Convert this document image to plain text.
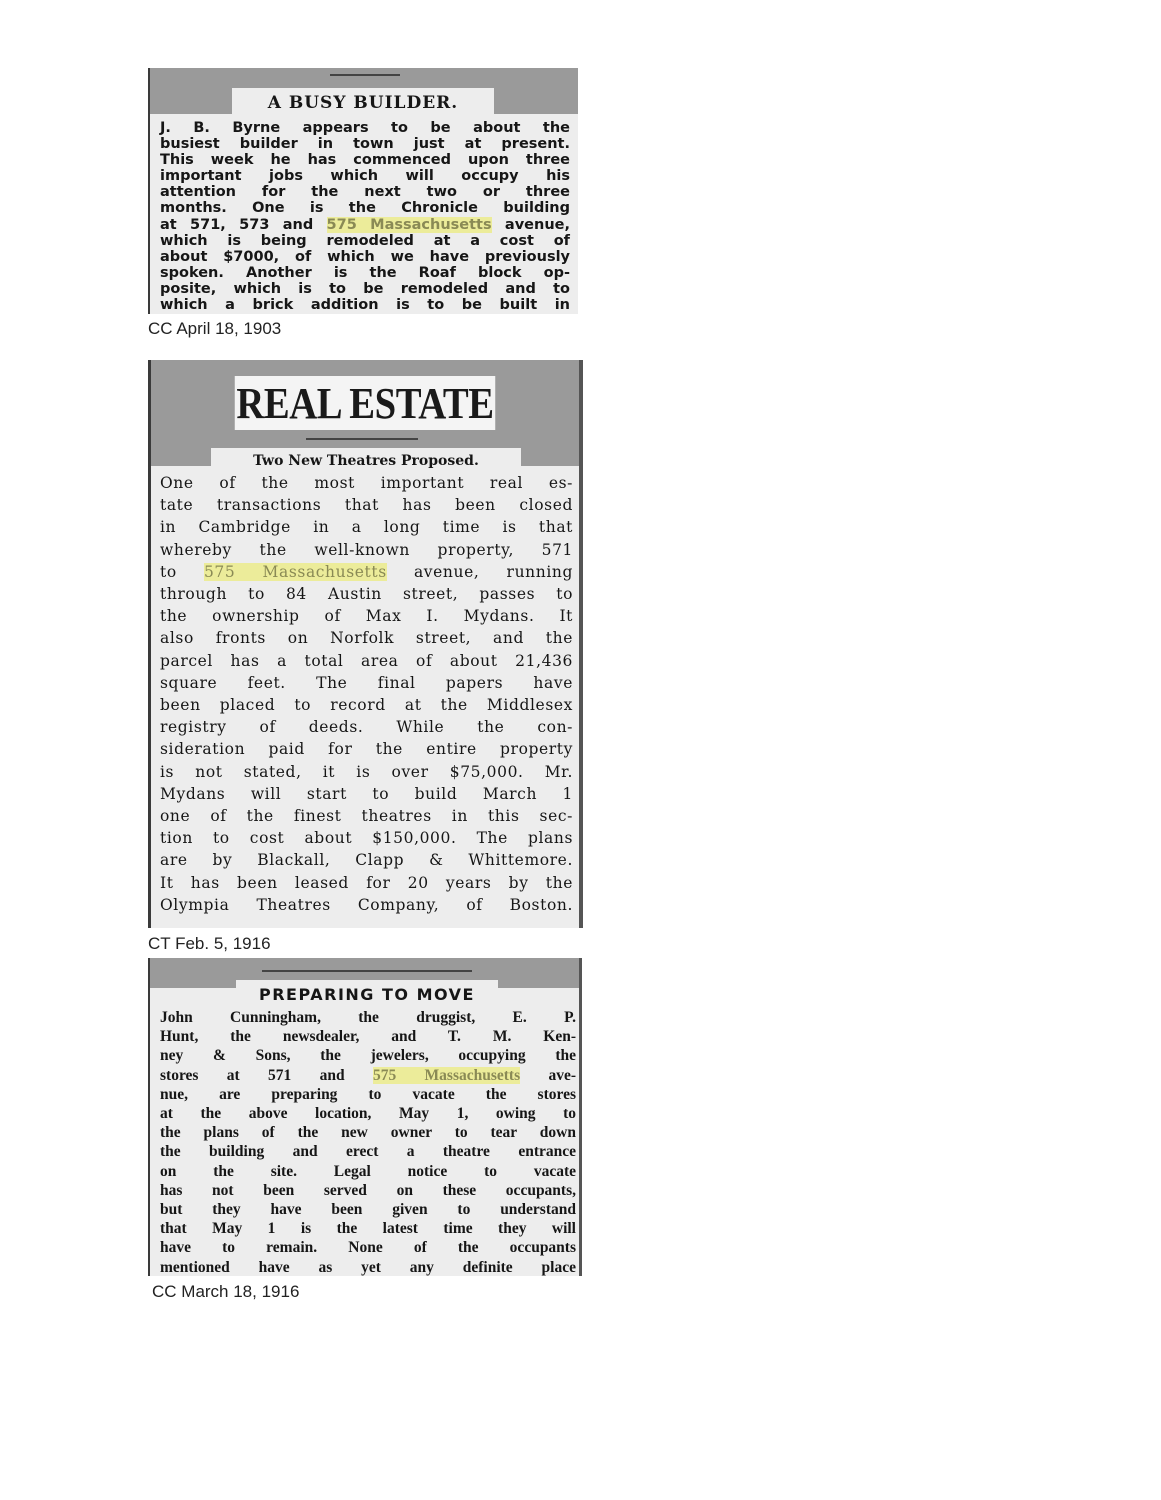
A BUSY BUILDER.
J. B. Byrne appears to be about the
busiest builder in town just at present.
This week he has commenced upon three
important jobs which will occupy his
attention for the next two or three
months. One is the Chronicle building
at 571, 573 and 575 Massachusetts avenue,
which is being remodeled at a cost of
about $7000, of which we have previously
spoken. Another is the Roaf block op-
posite, which is to be remodeled and to
which a brick addition is to be built in
CC April 18, 1903
REAL ESTATE
Two New Theatres Proposed.
One of the most important real es-
tate transactions that has been closed
in Cambridge in a long time is that
whereby the well-known property, 571
to 575 Massachusetts avenue, running
through to 84 Austin street, passes to
the ownership of Max I. Mydans. It
also fronts on Norfolk street, and the
parcel has a total area of about 21,436
square feet. The final papers have
been placed to record at the Middlesex
registry of deeds. While the con-
sideration paid for the entire property
is not stated, it is over $75,000. Mr.
Mydans will start to build March 1
one of the finest theatres in this sec-
tion to cost about $150,000. The plans
are by Blackall, Clapp & Whittemore.
It has been leased for 20 years by the
Olympia Theatres Company, of Boston.
CT Feb. 5, 1916
PREPARING TO MOVE
John Cunningham, the druggist, E. P.
Hunt, the newsdealer, and T. M. Ken-
ney & Sons, the jewelers, occupying the
stores at 571 and 575 Massachusetts ave-
nue, are preparing to vacate the stores
at the above location, May 1, owing to
the plans of the new owner to tear down
the building and erect a theatre entrance
on the site. Legal notice to vacate
has not been served on these occupants,
but they have been given to understand
that May 1 is the latest time they will
have to remain. None of the occupants
mentioned have as yet any definite place
CC March 18, 1916
